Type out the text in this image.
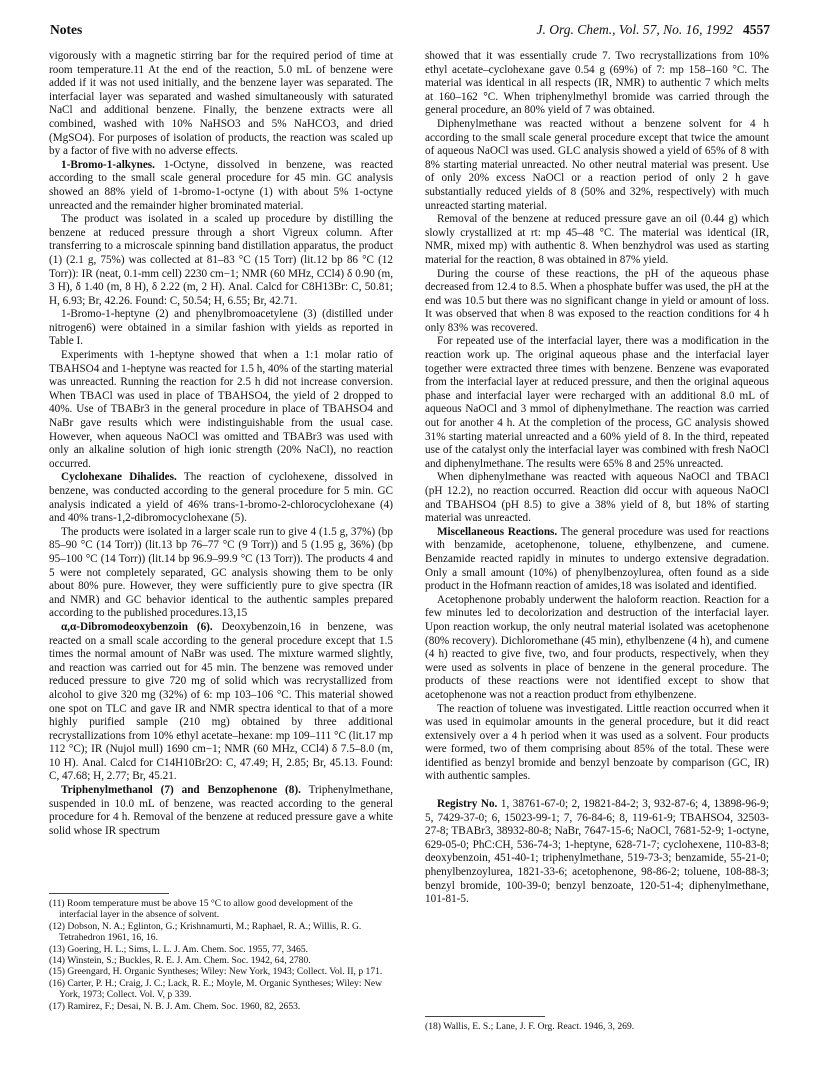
Notes	J. Org. Chem., Vol. 57, No. 16, 1992 4557

vigorously with a magnetic stirring bar for the required period of time at room temperature.11 At the end of the reaction, 5.0 mL of benzene were added if it was not used initially, and the benzene layer was separated. The interfacial layer was separated and washed simultaneously with saturated NaCl and additional benzene. Finally, the benzene extracts were all combined, washed with 10% NaHSO3 and 5% NaHCO3, and dried (MgSO4). For purposes of isolation of products, the reaction was scaled up by a factor of five with no adverse effects.

1-Bromo-1-alkynes. 1-Octyne, dissolved in benzene, was reacted according to the small scale general procedure for 45 min. GC analysis showed an 88% yield of 1-bromo-1-octyne (1) with about 5% 1-octyne unreacted and the remainder higher brominated material.

The product was isolated in a scaled up procedure by distilling the benzene at reduced pressure through a short Vigreux column. After transferring to a microscale spinning band distillation apparatus, the product (1) (2.1 g, 75%) was collected at 81–83 °C (15 Torr) (lit.12 bp 86 °C (12 Torr)): IR (neat, 0.1-mm cell) 2230 cm−1; NMR (60 MHz, CCl4) δ 0.90 (m, 3 H), δ 1.40 (m, 8 H), δ 2.22 (m, 2 H). Anal. Calcd for C8H13Br: C, 50.81; H, 6.93; Br, 42.26. Found: C, 50.54; H, 6.55; Br, 42.71.

1-Bromo-1-heptyne (2) and phenylbromoacetylene (3) (distilled under nitrogen6) were obtained in a similar fashion with yields as reported in Table I.

Experiments with 1-heptyne showed that when a 1:1 molar ratio of TBAHSO4 and 1-heptyne was reacted for 1.5 h, 40% of the starting material was unreacted. Running the reaction for 2.5 h did not increase conversion. When TBACl was used in place of TBAHSO4, the yield of 2 dropped to 40%. Use of TBABr3 in the general procedure in place of TBAHSO4 and NaBr gave results which were indistinguishable from the usual case. However, when aqueous NaOCl was omitted and TBABr3 was used with only an alkaline solution of high ionic strength (20% NaCl), no reaction occurred.

Cyclohexane Dihalides. The reaction of cyclohexene, dissolved in benzene, was conducted according to the general procedure for 5 min. GC analysis indicated a yield of 46% trans-1-bromo-2-chlorocyclohexane (4) and 40% trans-1,2-dibromocyclohexane (5).

The products were isolated in a larger scale run to give 4 (1.5 g, 37%) (bp 85–90 °C (14 Torr)) (lit.13 bp 76–77 °C (9 Torr)) and 5 (1.95 g, 36%) (bp 95–100 °C (14 Torr)) (lit.14 bp 96.9–99.9 °C (13 Torr)). The products 4 and 5 were not completely separated, GC analysis showing them to be only about 80% pure. However, they were sufficiently pure to give spectra (IR and NMR) and GC behavior identical to the authentic samples prepared according to the published procedures.13,15

α,α-Dibromodeoxybenzoin (6). Deoxybenzoin,16 in benzene, was reacted on a small scale according to the general procedure except that 1.5 times the normal amount of NaBr was used. The mixture warmed slightly, and reaction was carried out for 45 min. The benzene was removed under reduced pressure to give 720 mg of solid which was recrystallized from alcohol to give 320 mg (32%) of 6: mp 103–106 °C. This material showed one spot on TLC and gave IR and NMR spectra identical to that of a more highly purified sample (210 mg) obtained by three additional recrystallizations from 10% ethyl acetate–hexane: mp 109–111 °C (lit.17 mp 112 °C); IR (Nujol mull) 1690 cm−1; NMR (60 MHz, CCl4) δ 7.5–8.0 (m, 10 H). Anal. Calcd for C14H10Br2O: C, 47.49; H, 2.85; Br, 45.13. Found: C, 47.68; H, 2.77; Br, 45.21.

Triphenylmethanol (7) and Benzophenone (8). Triphenylmethane, suspended in 10.0 mL of benzene, was reacted according to the general procedure for 4 h. Removal of the benzene at reduced pressure gave a white solid whose IR spectrum

showed that it was essentially crude 7. Two recrystallizations from 10% ethyl acetate–cyclohexane gave 0.54 g (69%) of 7: mp 158–160 °C. The material was identical in all respects (IR, NMR) to authentic 7 which melts at 160–162 °C. When triphenylmethyl bromide was carried through the general procedure, an 80% yield of 7 was obtained.

Diphenylmethane was reacted without a benzene solvent for 4 h according to the small scale general procedure except that twice the amount of aqueous NaOCl was used. GLC analysis showed a yield of 65% of 8 with 8% starting material unreacted. No other neutral material was present. Use of only 20% excess NaOCl or a reaction period of only 2 h gave substantially reduced yields of 8 (50% and 32%, respectively) with much unreacted starting material.

Removal of the benzene at reduced pressure gave an oil (0.44 g) which slowly crystallized at rt: mp 45–48 °C. The material was identical (IR, NMR, mixed mp) with authentic 8. When benzhydrol was used as starting material for the reaction, 8 was obtained in 87% yield.

During the course of these reactions, the pH of the aqueous phase decreased from 12.4 to 8.5. When a phosphate buffer was used, the pH at the end was 10.5 but there was no significant change in yield or amount of loss. It was observed that when 8 was exposed to the reaction conditions for 4 h only 83% was recovered.

For repeated use of the interfacial layer, there was a modification in the reaction work up. The original aqueous phase and the interfacial layer together were extracted three times with benzene. Benzene was evaporated from the interfacial layer at reduced pressure, and then the original aqueous phase and interfacial layer were recharged with an additional 8.0 mL of aqueous NaOCl and 3 mmol of diphenylmethane. The reaction was carried out for another 4 h. At the completion of the process, GC analysis showed 31% starting material unreacted and a 60% yield of 8. In the third, repeated use of the catalyst only the interfacial layer was combined with fresh NaOCl and diphenylmethane. The results were 65% 8 and 25% unreacted.

When diphenylmethane was reacted with aqueous NaOCl and TBACl (pH 12.2), no reaction occurred. Reaction did occur with aqueous NaOCl and TBAHSO4 (pH 8.5) to give a 38% yield of 8, but 18% of starting material was unreacted.

Miscellaneous Reactions. The general procedure was used for reactions with benzamide, acetophenone, toluene, ethylbenzene, and cumene. Benzamide reacted rapidly in minutes to undergo extensive degradation. Only a small amount (10%) of phenylbenzoylurea, often found as a side product in the Hofmann reaction of amides,18 was isolated and identified.

Acetophenone probably underwent the haloform reaction. Reaction for a few minutes led to decolorization and destruction of the interfacial layer. Upon reaction workup, the only neutral material isolated was acetophenone (80% recovery). Dichloromethane (45 min), ethylbenzene (4 h), and cumene (4 h) reacted to give five, two, and four products, respectively, when they were used as solvents in place of benzene in the general procedure. The products of these reactions were not identified except to show that acetophenone was not a reaction product from ethylbenzene.

The reaction of toluene was investigated. Little reaction occurred when it was used in equimolar amounts in the general procedure, but it did react extensively over a 4 h period when it was used as a solvent. Four products were formed, two of them comprising about 85% of the total. These were identified as benzyl bromide and benzyl benzoate by comparison (GC, IR) with authentic samples.

Registry No. 1, 38761-67-0; 2, 19821-84-2; 3, 932-87-6; 4, 13898-96-9; 5, 7429-37-0; 6, 15023-99-1; 7, 76-84-6; 8, 119-61-9; TBAHSO4, 32503-27-8; TBABr3, 38932-80-8; NaBr, 7647-15-6; NaOCl, 7681-52-9; 1-octyne, 629-05-0; PhC:CH, 536-74-3; 1-heptyne, 628-71-7; cyclohexene, 110-83-8; deoxybenzoin, 451-40-1; triphenylmethane, 519-73-3; benzamide, 55-21-0; phenylbenzoylurea, 1821-33-6; acetophenone, 98-86-2; toluene, 108-88-3; benzyl bromide, 100-39-0; benzyl benzoate, 120-51-4; diphenylmethane, 101-81-5.

(11) Room temperature must be above 15 °C to allow good development of the interfacial layer in the absence of solvent.
(12) Dobson, N. A.; Eglinton, G.; Krishnamurti, M.; Raphael, R. A.; Willis, R. G. Tetrahedron 1961, 16, 16.
(13) Goering, H. L.; Sims, L. L. J. Am. Chem. Soc. 1955, 77, 3465.
(14) Winstein, S.; Buckles, R. E. J. Am. Chem. Soc. 1942, 64, 2780.
(15) Greengard, H. Organic Syntheses; Wiley: New York, 1943; Collect. Vol. II, p 171.
(16) Carter, P. H.; Craig, J. C.; Lack, R. E.; Moyle, M. Organic Syntheses; Wiley: New York, 1973; Collect. Vol. V, p 339.
(17) Ramirez, F.; Desai, N. B. J. Am. Chem. Soc. 1960, 82, 2653.
(18) Wallis, E. S.; Lane, J. F. Org. React. 1946, 3, 269.
